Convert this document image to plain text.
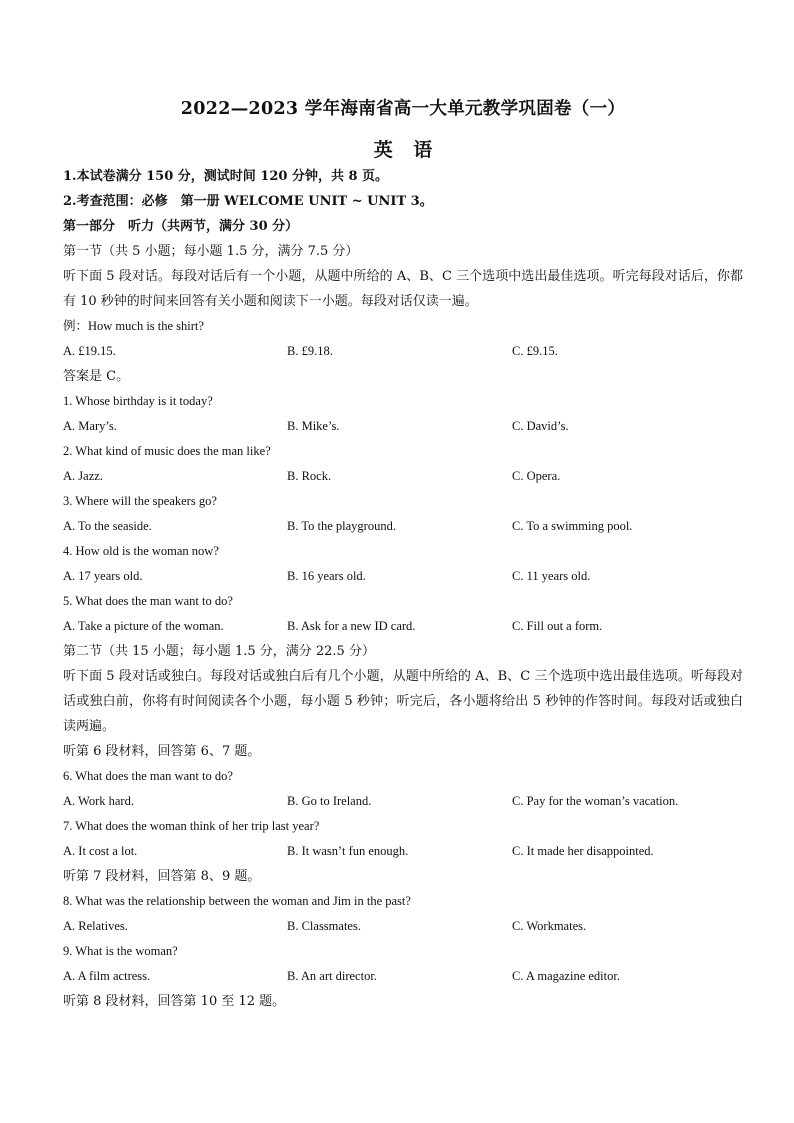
2022—2023 学年海南省高一大单元教学巩固卷（一）
英 语
1.本试卷满分 150 分，测试时间 120 分钟，共 8 页。
2.考查范围：必修　第一册 WELCOME UNIT ~ UNIT 3。
第一部分　听力（共两节，满分 30 分）
第一节（共 5 小题；每小题 1.5 分，满分 7.5 分）
听下面 5 段对话。每段对话后有一个小题，从题中所给的 A、B、C 三个选项中选出最佳选项。听完每段对话后，你都有 10 秒钟的时间来回答有关小题和阅读下一小题。每段对话仅读一遍。
例：How much is the shirt?
A. £19.15.	B. £9.18.	C. £9.15.
答案是 C。
1. Whose birthday is it today?
A. Mary’s.	B. Mike’s.	C. David’s.
2. What kind of music does the man like?
A. Jazz.	B. Rock.	C. Opera.
3. Where will the speakers go?
A. To the seaside.	B. To the playground.	C. To a swimming pool.
4. How old is the woman now?
A. 17 years old.	B. 16 years old.	C. 11 years old.
5. What does the man want to do?
A. Take a picture of the woman.	B. Ask for a new ID card.	C. Fill out a form.
第二节（共 15 小题；每小题 1.5 分，满分 22.5 分）
听下面 5 段对话或独白。每段对话或独白后有几个小题，从题中所给的 A、B、C 三个选项中选出最佳选项。听每段对话或独白前，你将有时间阅读各个小题，每小题 5 秒钟；听完后，各小题将给出 5 秒钟的作答时间。每段对话或独白读两遍。
听第 6 段材料，回答第 6、7 题。
6. What does the man want to do?
A. Work hard.	B. Go to Ireland.	C. Pay for the woman’s vacation.
7. What does the woman think of her trip last year?
A. It cost a lot.	B. It wasn’t fun enough.	C. It made her disappointed.
听第 7 段材料，回答第 8、9 题。
8. What was the relationship between the woman and Jim in the past?
A. Relatives.	B. Classmates.	C. Workmates.
9. What is the woman?
A. A film actress.	B. An art director.	C. A magazine editor.
听第 8 段材料，回答第 10 至 12 题。
